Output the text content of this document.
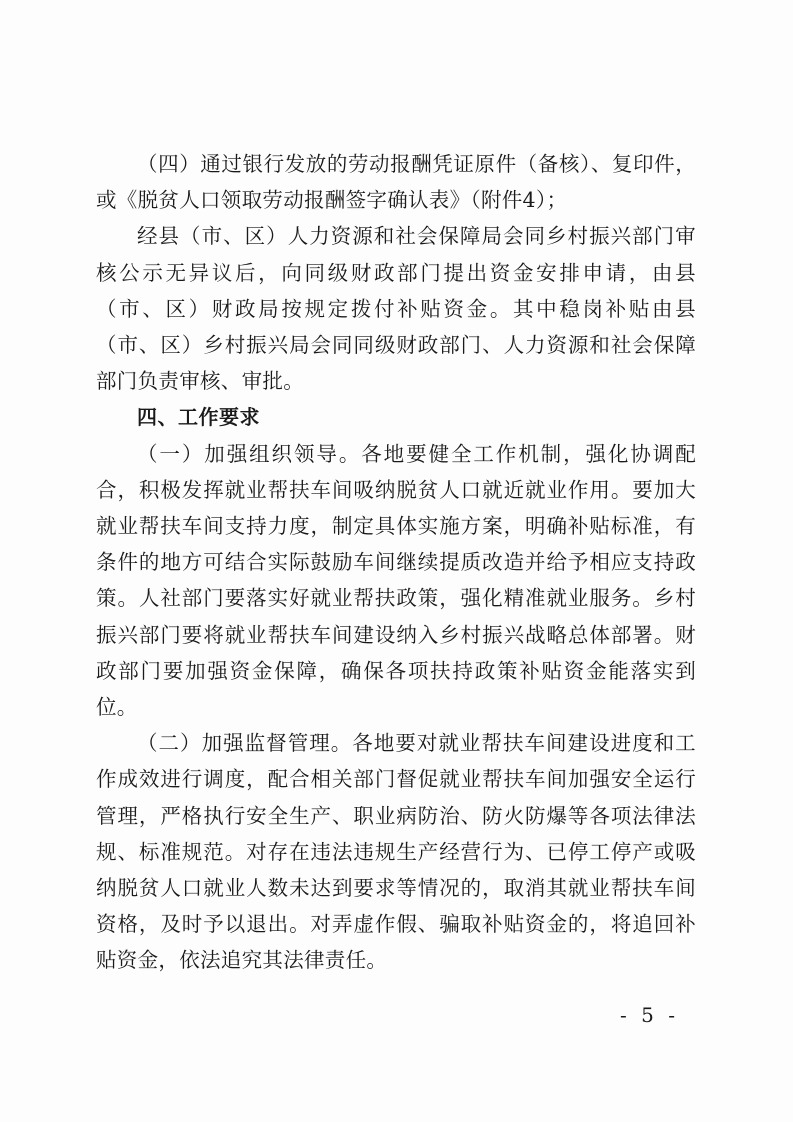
（四）通过银行发放的劳动报酬凭证原件（备核）、复印件，或《脱贫人口领取劳动报酬签字确认表》（附件4）；

经县（市、区）人力资源和社会保障局会同乡村振兴部门审核公示无异议后，向同级财政部门提出资金安排申请，由县（市、区）财政局按规定拨付补贴资金。其中稳岗补贴由县（市、区）乡村振兴局会同同级财政部门、人力资源和社会保障部门负责审核、审批。

四、工作要求

（一）加强组织领导。各地要健全工作机制，强化协调配合，积极发挥就业帮扶车间吸纳脱贫人口就近就业作用。要加大就业帮扶车间支持力度，制定具体实施方案，明确补贴标准，有条件的地方可结合实际鼓励车间继续提质改造并给予相应支持政策。人社部门要落实好就业帮扶政策，强化精准就业服务。乡村振兴部门要将就业帮扶车间建设纳入乡村振兴战略总体部署。财政部门要加强资金保障，确保各项扶持政策补贴资金能落实到位。

（二）加强监督管理。各地要对就业帮扶车间建设进度和工作成效进行调度，配合相关部门督促就业帮扶车间加强安全运行管理，严格执行安全生产、职业病防治、防火防爆等各项法律法规、标准规范。对存在违法违规生产经营行为、已停工停产或吸纳脱贫人口就业人数未达到要求等情况的，取消其就业帮扶车间资格，及时予以退出。对弄虚作假、骗取补贴资金的，将追回补贴资金，依法追究其法律责任。

- 5 -
